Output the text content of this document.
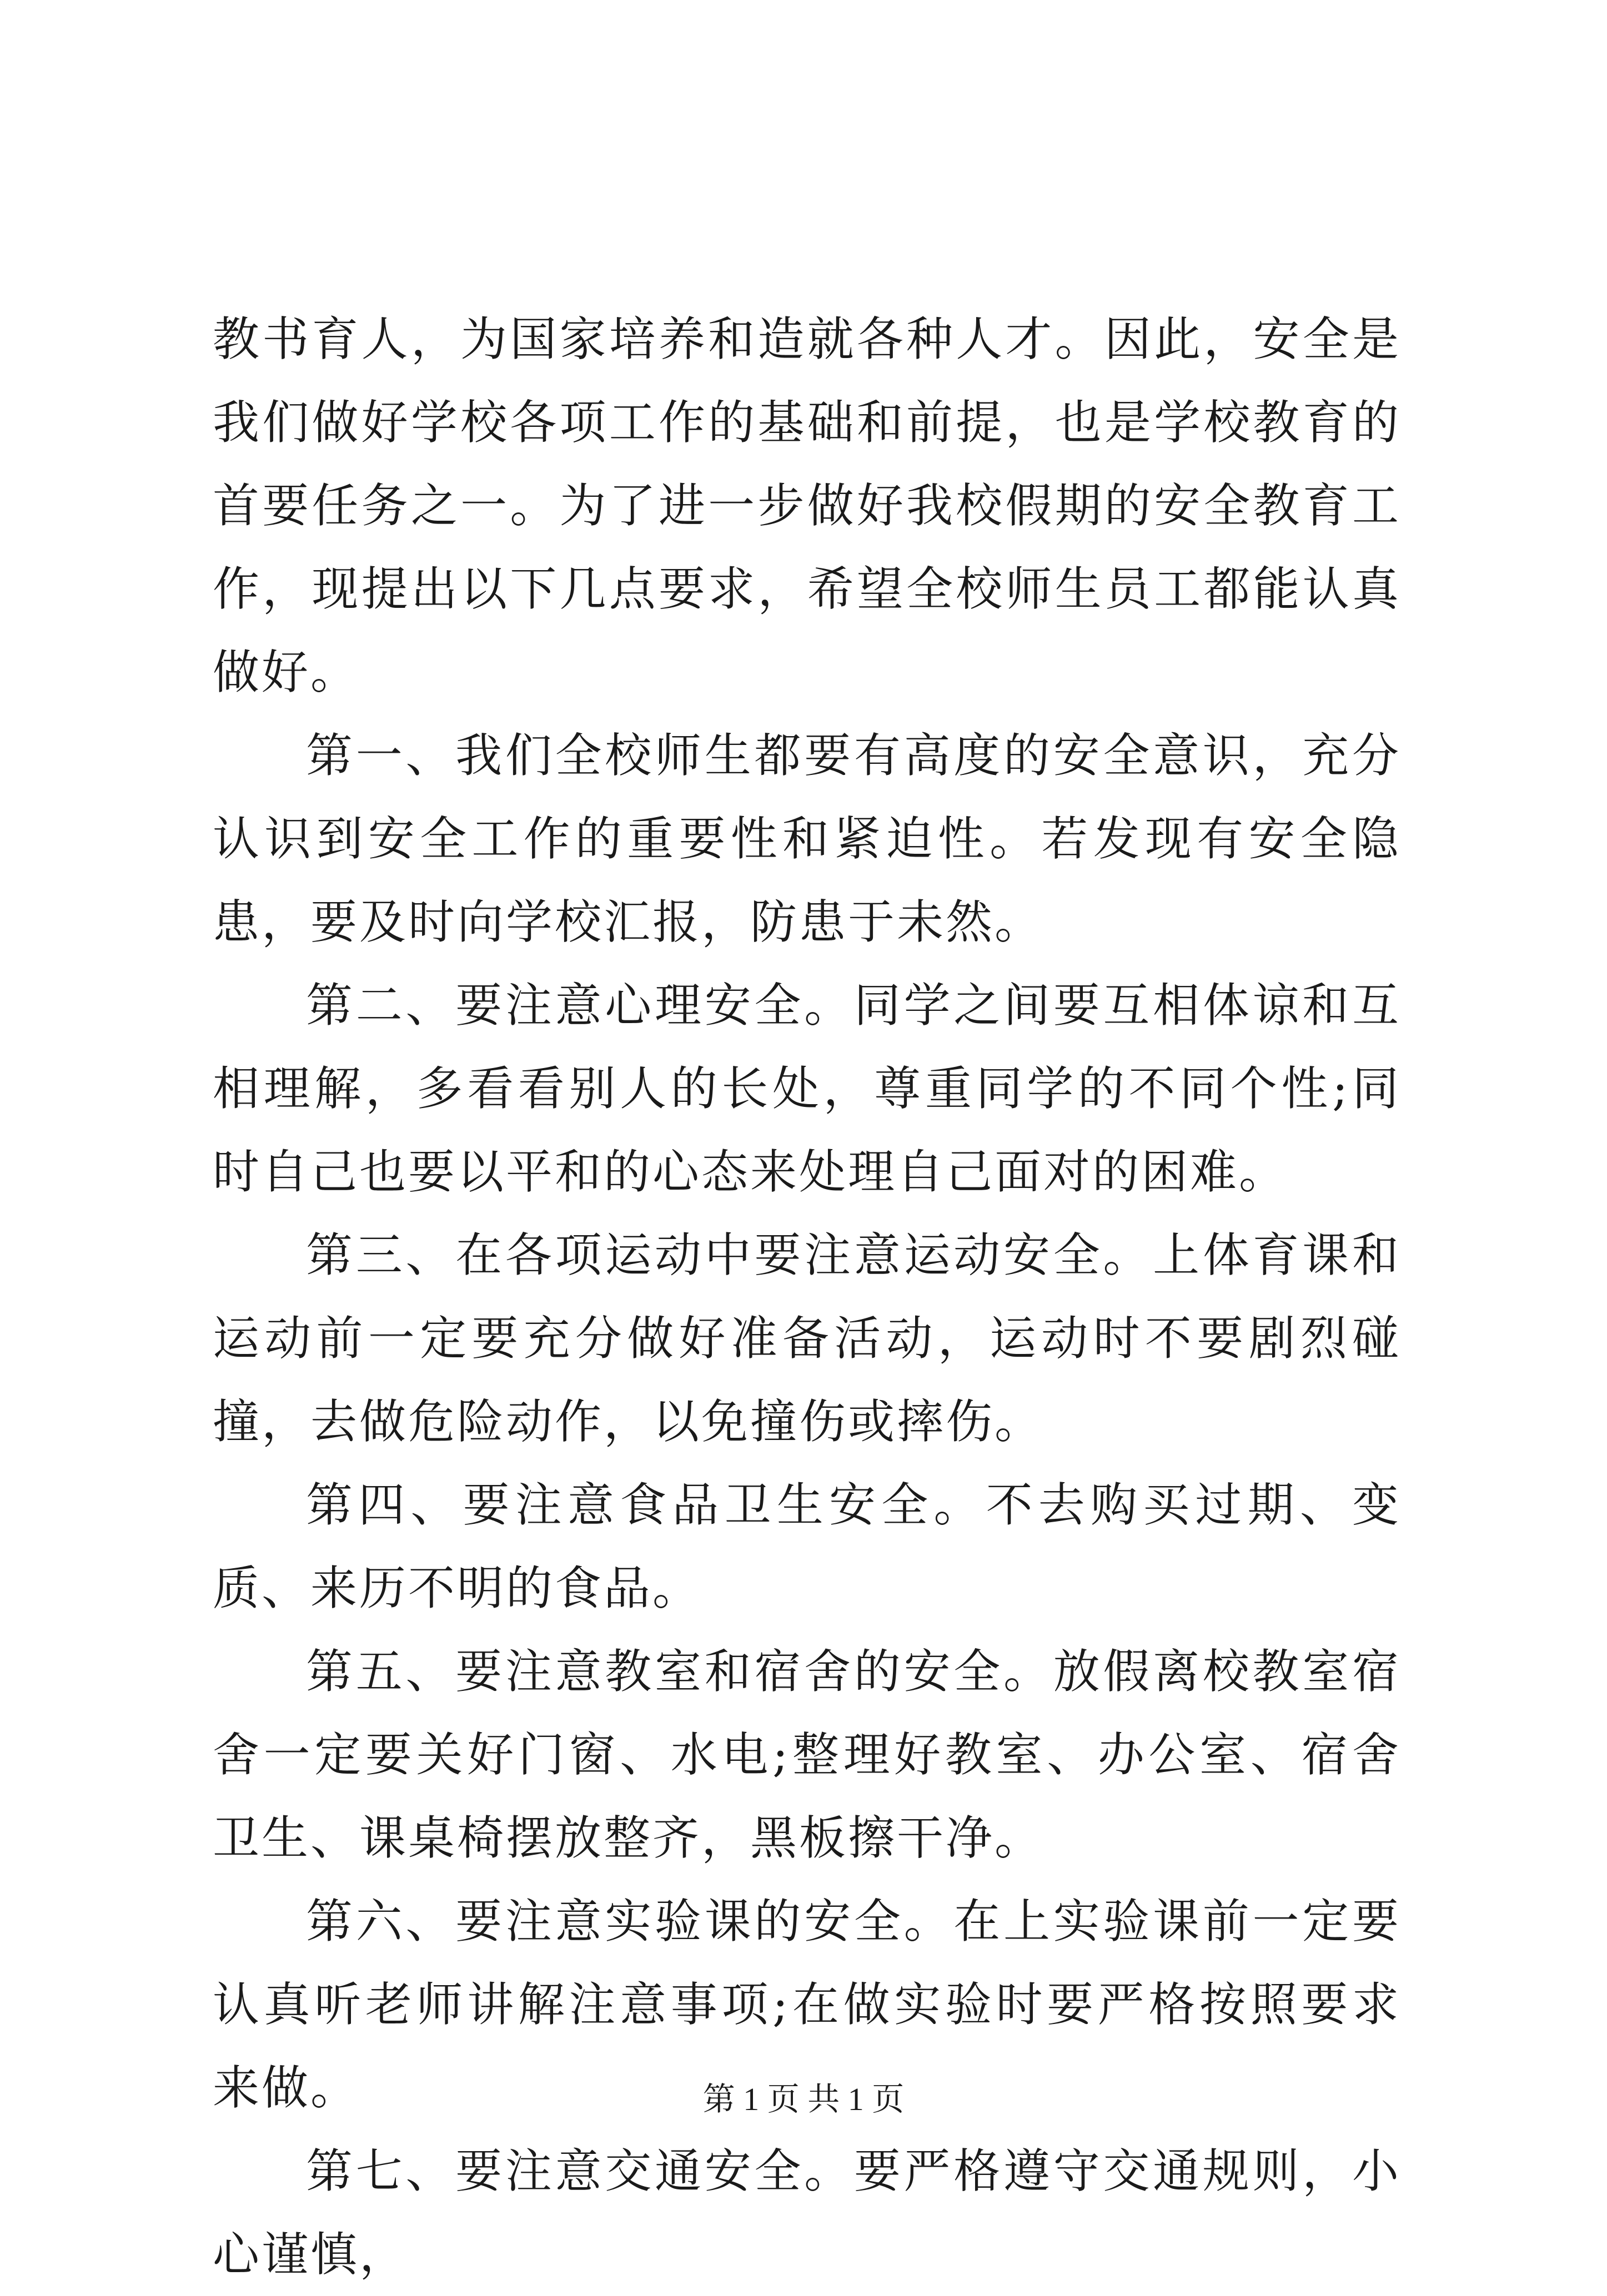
教书育人，为国家培养和造就各种人才。因此，安全是我们做好学校各项工作的基础和前提，也是学校教育的首要任务之一。为了进一步做好我校假期的安全教育工作，现提出以下几点要求，希望全校师生员工都能认真做好。

第一、我们全校师生都要有高度的安全意识，充分认识到安全工作的重要性和紧迫性。若发现有安全隐患，要及时向学校汇报，防患于未然。

第二、要注意心理安全。同学之间要互相体谅和互相理解，多看看别人的长处，尊重同学的不同个性;同时自己也要以平和的心态来处理自己面对的困难。

第三、在各项运动中要注意运动安全。上体育课和运动前一定要充分做好准备活动，运动时不要剧烈碰撞，去做危险动作，以免撞伤或摔伤。

第四、要注意食品卫生安全。不去购买过期、变质、来历不明的食品。

第五、要注意教室和宿舍的安全。放假离校教室宿舍一定要关好门窗、水电;整理好教室、办公室、宿舍卫生、课桌椅摆放整齐，黑板擦干净。

第六、要注意实验课的安全。在上实验课前一定要认真听老师讲解注意事项;在做实验时要严格按照要求来做。

第七、要注意交通安全。要严格遵守交通规则，小心谨慎，

第 1 页 共 1 页
